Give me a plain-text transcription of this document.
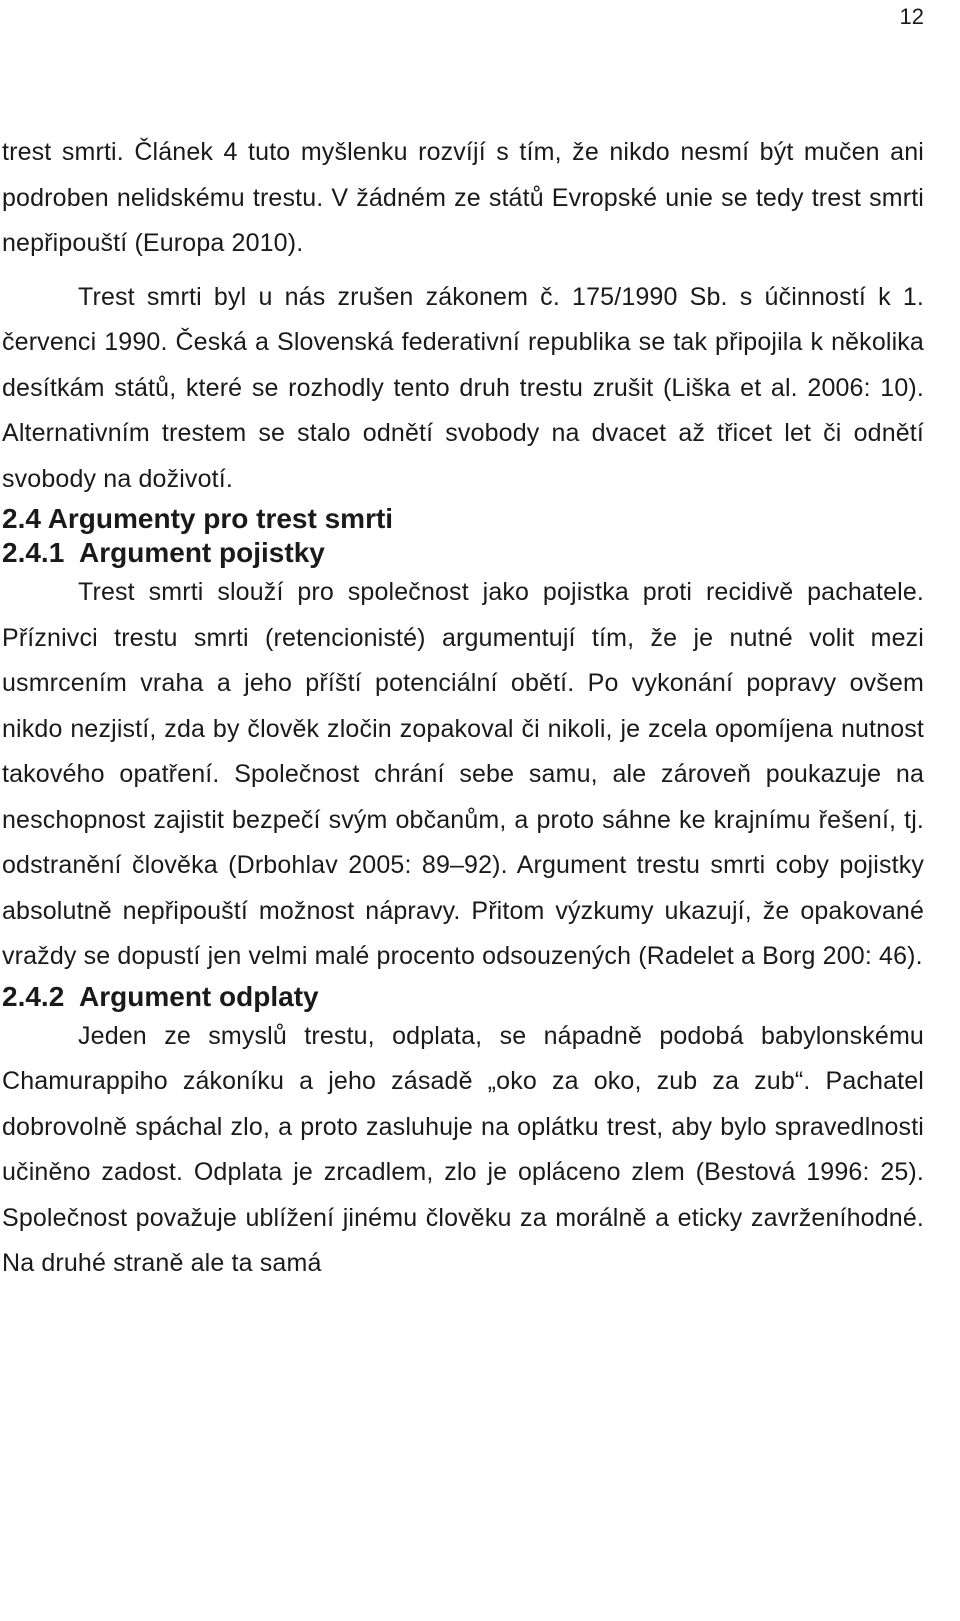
12

trest smrti. Článek 4 tuto myšlenku rozvíjí s tím, že nikdo nesmí být mučen ani podroben nelidskému trestu. V žádném ze států Evropské unie se tedy trest smrti nepřipouští (Europa 2010).

Trest smrti byl u nás zrušen zákonem č. 175/1990 Sb. s účinností k 1. červenci 1990. Česká a Slovenská federativní republika se tak připojila k několika desítkám států, které se rozhodly tento druh trestu zrušit (Liška et al. 2006: 10). Alternativním trestem se stalo odnětí svobody na dvacet až třicet let či odnětí svobody na doživotí.

2.4 Argumenty pro trest smrti
2.4.1 Argument pojistky

Trest smrti slouží pro společnost jako pojistka proti recidivě pachatele. Příznivci trestu smrti (retencionisté) argumentují tím, že je nutné volit mezi usmrcením vraha a jeho příští potenciální obětí. Po vykonání popravy ovšem nikdo nezjistí, zda by člověk zločin zopakoval či nikoli, je zcela opomíjena nutnost takového opatření. Společnost chrání sebe samu, ale zároveň poukazuje na neschopnost zajistit bezpečí svým občanům, a proto sáhne ke krajnímu řešení, tj. odstranění člověka (Drbohlav 2005: 89–92). Argument trestu smrti coby pojistky absolutně nepřipouští možnost nápravy. Přitom výzkumy ukazují, že opakované vraždy se dopustí jen velmi malé procento odsouzených (Radelet a Borg 200: 46).

2.4.2 Argument odplaty

Jeden ze smyslů trestu, odplata, se nápadně podobá babylonskému Chamurappiho zákoníku a jeho zásadě „oko za oko, zub za zub“. Pachatel dobrovolně spáchal zlo, a proto zasluhuje na oplátku trest, aby bylo spravedlnosti učiněno zadost. Odplata je zrcadlem, zlo je opláceno zlem (Bestová 1996: 25). Společnost považuje ublížení jinému člověku za morálně a eticky zavrženíhodné. Na druhé straně ale ta samá
